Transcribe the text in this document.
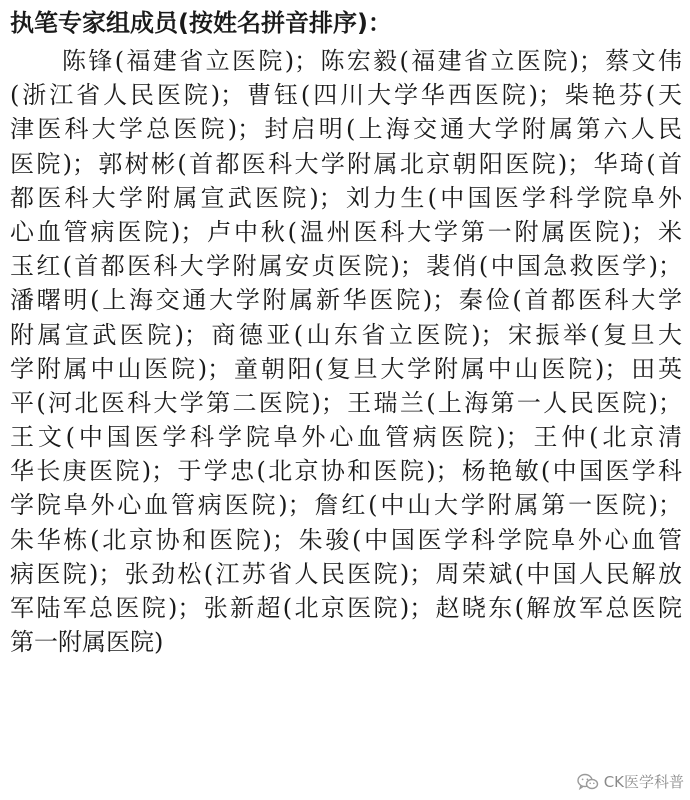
执笔专家组成员(按姓名拼音排序)：
陈锋(福建省立医院)；陈宏毅(福建省立医院)；蔡文伟
(浙江省人民医院)；曹钰(四川大学华西医院)；柴艳芬(天
津医科大学总医院)；封启明(上海交通大学附属第六人民
医院)；郭树彬(首都医科大学附属北京朝阳医院)；华琦(首
都医科大学附属宣武医院)；刘力生(中国医学科学院阜外
心血管病医院)；卢中秋(温州医科大学第一附属医院)；米
玉红(首都医科大学附属安贞医院)；裴俏(中国急救医学)；
潘曙明(上海交通大学附属新华医院)；秦俭(首都医科大学
附属宣武医院)；商德亚(山东省立医院)；宋振举(复旦大
学附属中山医院)；童朝阳(复旦大学附属中山医院)；田英
平(河北医科大学第二医院)；王瑞兰(上海第一人民医院)；
王文(中国医学科学院阜外心血管病医院)；王仲(北京清
华长庚医院)；于学忠(北京协和医院)；杨艳敏(中国医学科
学院阜外心血管病医院)；詹红(中山大学附属第一医院)；
朱华栋(北京协和医院)；朱骏(中国医学科学院阜外心血管
病医院)；张劲松(江苏省人民医院)；周荣斌(中国人民解放
军陆军总医院)；张新超(北京医院)；赵晓东(解放军总医院
第一附属医院)
CK医学科普
